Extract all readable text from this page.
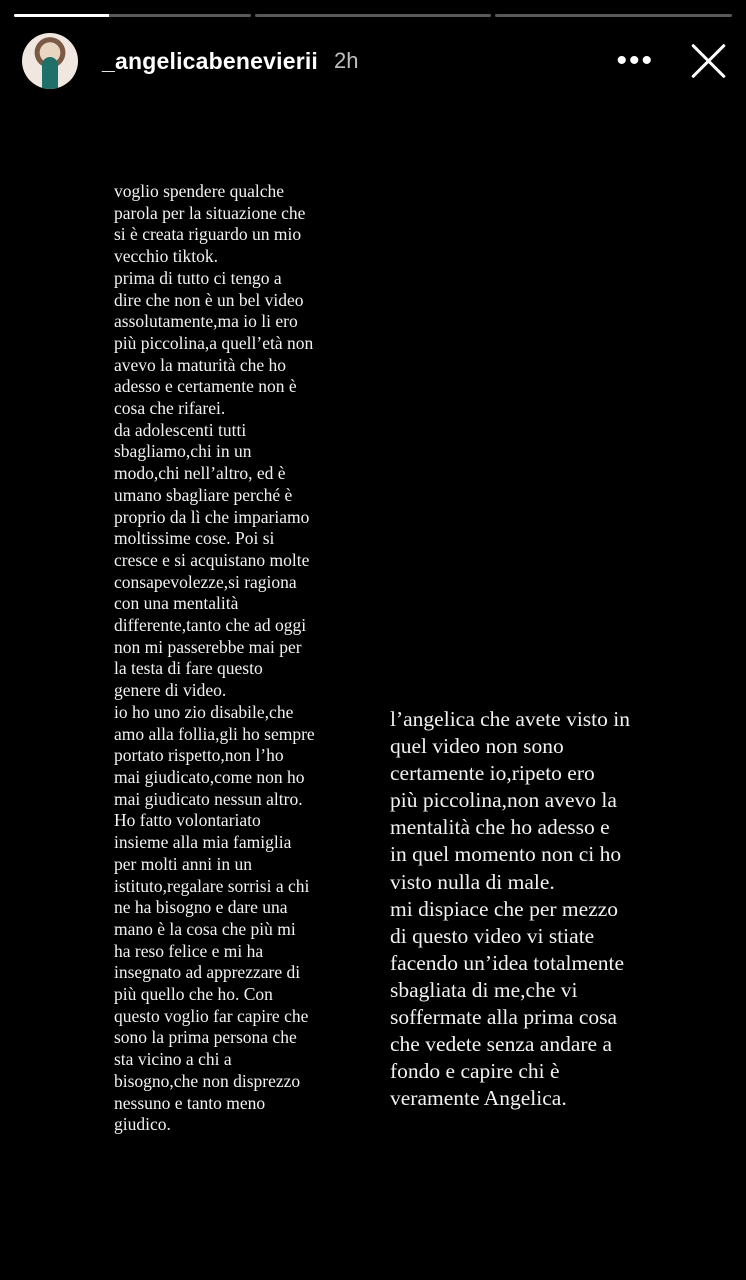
_angelicabenevierii 2h	•••
voglio spendere qualche
parola per la situazione che
si è creata riguardo un mio
vecchio tiktok.
prima di tutto ci tengo a
dire che non è un bel video
assolutamente,ma io li ero
più piccolina,a quell’età non
avevo la maturità che ho
adesso e certamente non è
cosa che rifarei.
da adolescenti tutti
sbagliamo,chi in un
modo,chi nell’altro, ed è
umano sbagliare perché è
proprio da lì che impariamo
moltissime cose. Poi si
cresce e si acquistano molte
consapevolezze,si ragiona
con una mentalità
differente,tanto che ad oggi
non mi passerebbe mai per
la testa di fare questo
genere di video.
io ho uno zio disabile,che
amo alla follia,gli ho sempre
portato rispetto,non l’ho
mai giudicato,come non ho
mai giudicato nessun altro.
Ho fatto volontariato
insieme alla mia famiglia
per molti anni in un
istituto,regalare sorrisi a chi
ne ha bisogno e dare una
mano è la cosa che più mi
ha reso felice e mi ha
insegnato ad apprezzare di
più quello che ho. Con
questo voglio far capire che
sono la prima persona che
sta vicino a chi a
bisogno,che non disprezzo
nessuno e tanto meno
giudico.
l’angelica che avete visto in
quel video non sono
certamente io,ripeto ero
più piccolina,non avevo la
mentalità che ho adesso e
in quel momento non ci ho
visto nulla di male.
mi dispiace che per mezzo
di questo video vi stiate
facendo un’idea totalmente
sbagliata di me,che vi
soffermate alla prima cosa
che vedete senza andare a
fondo e capire chi è
veramente Angelica.
